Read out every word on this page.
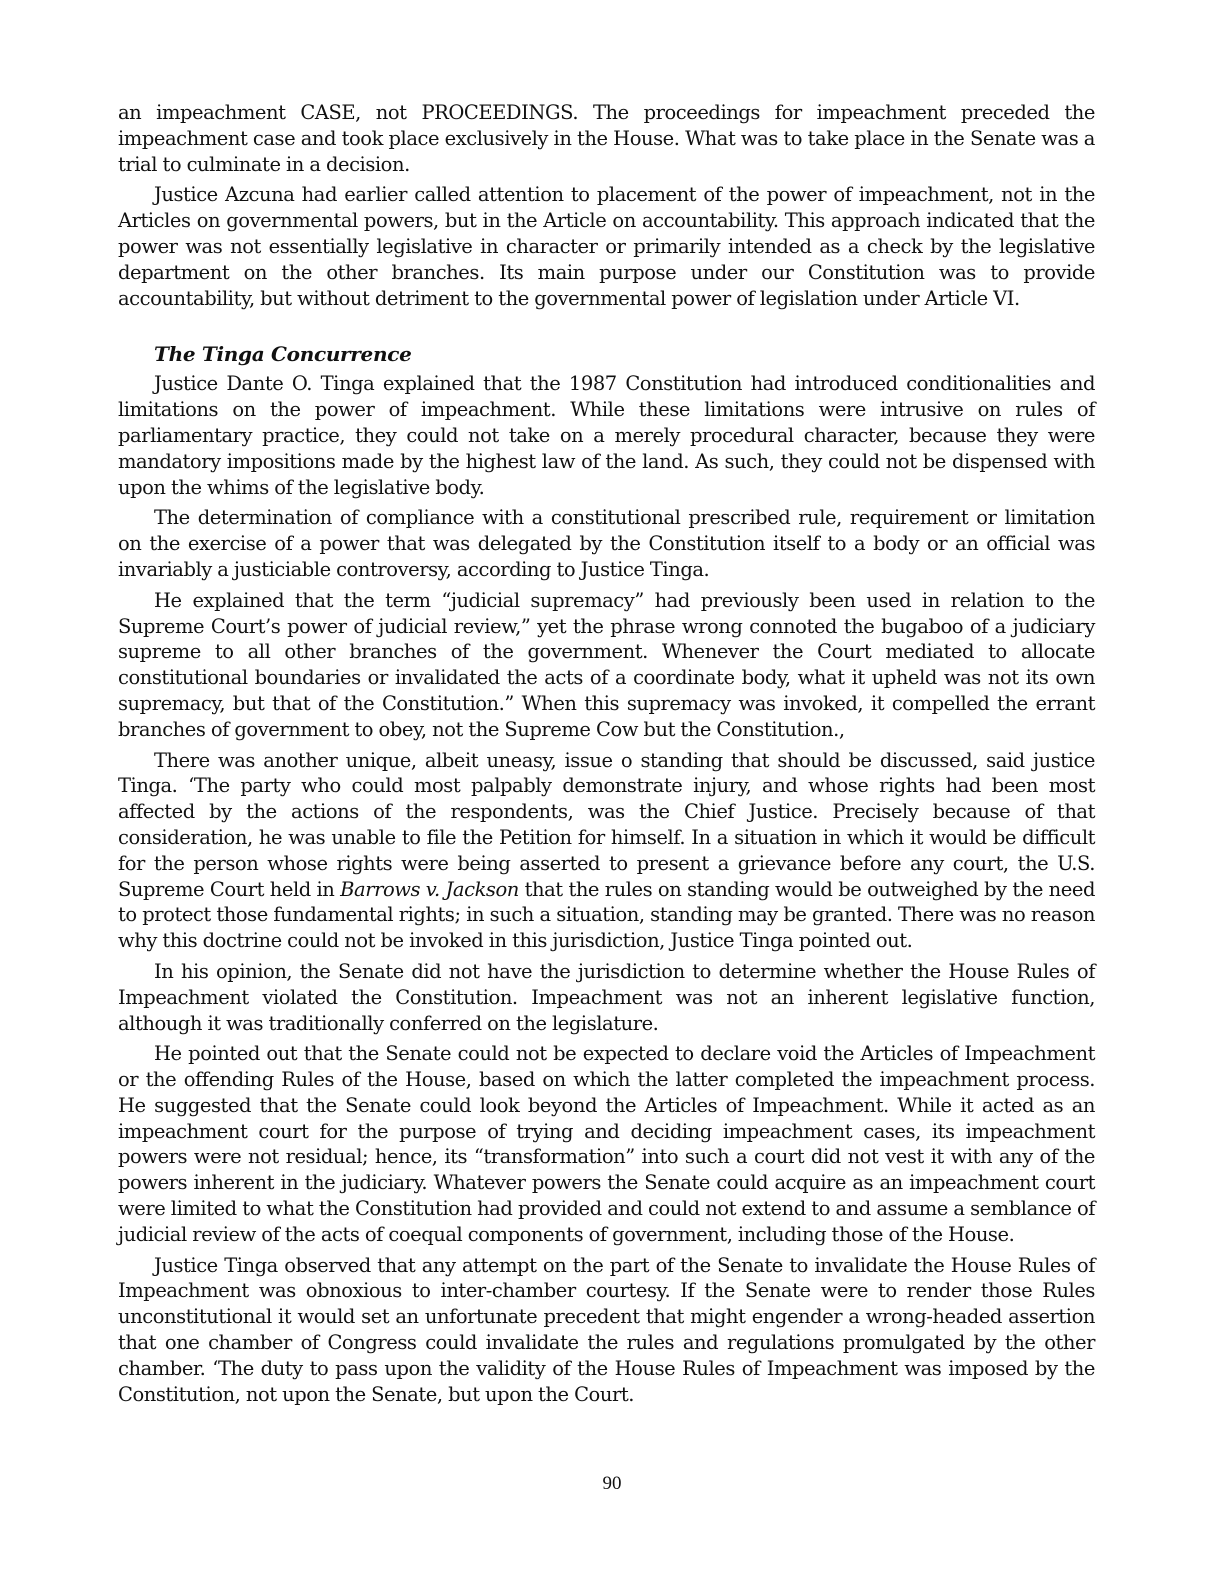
an impeachment CASE, not PROCEEDINGS. The proceedings for impeachment preceded the impeachment case and took place exclusively in the House. What was to take place in the Senate was a trial to culminate in a decision.

Justice Azcuna had earlier called attention to placement of the power of impeachment, not in the Articles on governmental powers, but in the Article on accountability. This approach indicated that the power was not essentially legislative in character or primarily intended as a check by the legislative department on the other branches. Its main purpose under our Constitution was to provide accountability, but without detriment to the governmental power of legislation under Article VI.

The Tinga Concurrence

Justice Dante O. Tinga explained that the 1987 Constitution had introduced conditionalities and limitations on the power of impeachment. While these limitations were intrusive on rules of parliamentary practice, they could not take on a merely procedural character, because they were mandatory impositions made by the highest law of the land. As such, they could not be dispensed with upon the whims of the legislative body.

The determination of compliance with a constitutional prescribed rule, requirement or limitation on the exercise of a power that was delegated by the Constitution itself to a body or an official was invariably a justiciable controversy, according to Justice Tinga.

He explained that the term “judicial supremacy” had previously been used in relation to the Supreme Court’s power of judicial review,” yet the phrase wrong connoted the bugaboo of a judiciary supreme to all other branches of the government. Whenever the Court mediated to allocate constitutional boundaries or invalidated the acts of a coordinate body, what it upheld was not its own supremacy, but that of the Constitution.” When this supremacy was invoked, it compelled the errant branches of government to obey, not the Supreme Cow but the Constitution.,

There was another unique, albeit uneasy, issue o standing that should be discussed, said justice Tinga. ‘The party who could most palpably demonstrate injury, and whose rights had been most affected by the actions of the respondents, was the Chief Justice. Precisely because of that consideration, he was unable to file the Petition for himself. In a situation in which it would be difficult for the person whose rights were being asserted to present a grievance before any court, the U.S. Supreme Court held in Barrows v. Jackson that the rules on standing would be outweighed by the need to protect those fundamental rights; in such a situation, standing may be granted. There was no reason why this doctrine could not be invoked in this jurisdiction, Justice Tinga pointed out.

In his opinion, the Senate did not have the jurisdiction to determine whether the House Rules of Impeachment violated the Constitution. Impeachment was not an inherent legislative function, although it was traditionally conferred on the legislature.

He pointed out that the Senate could not be expected to declare void the Articles of Impeachment or the offending Rules of the House, based on which the latter completed the impeachment process. He suggested that the Senate could look beyond the Articles of Impeachment. While it acted as an impeachment court for the purpose of trying and deciding impeachment cases, its impeachment powers were not residual; hence, its “transformation” into such a court did not vest it with any of the powers inherent in the judiciary. Whatever powers the Senate could acquire as an impeachment court were limited to what the Constitution had provided and could not extend to and assume a semblance of judicial review of the acts of coequal components of government, including those of the House.

Justice Tinga observed that any attempt on the part of the Senate to invalidate the House Rules of Impeachment was obnoxious to inter-chamber courtesy. If the Senate were to render those Rules unconstitutional it would set an unfortunate precedent that might engender a wrong-headed assertion that one chamber of Congress could invalidate the rules and regulations promulgated by the other chamber. ‘The duty to pass upon the validity of the House Rules of Impeachment was imposed by the Constitution, not upon the Senate, but upon the Court.

90
